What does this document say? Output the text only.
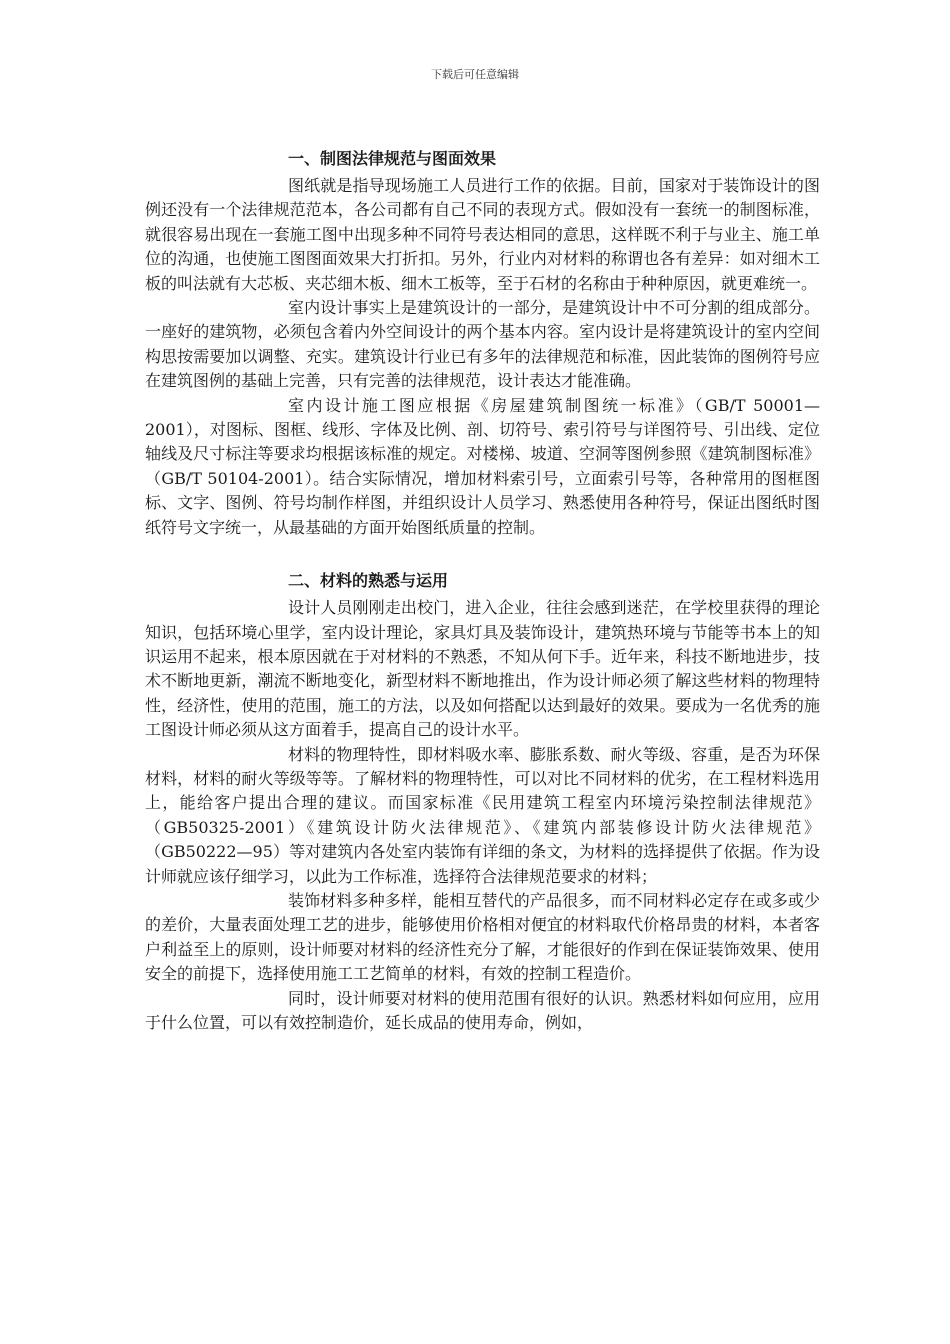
下载后可任意编辑
一、制图法律规范与图面效果

图纸就是指导现场施工人员进行工作的依据。目前，国家对于装饰设计的图例还没有一个法律规范范本，各公司都有自己不同的表现方式。假如没有一套统一的制图标准，就很容易出现在一套施工图中出现多种不同符号表达相同的意思，这样既不利于与业主、施工单位的沟通，也使施工图图面效果大打折扣。另外，行业内对材料的称谓也各有差异：如对细木工板的叫法就有大芯板、夹芯细木板、细木工板等，至于石材的名称由于种种原因，就更难统一。

室内设计事实上是建筑设计的一部分，是建筑设计中不可分割的组成部分。一座好的建筑物，必须包含着内外空间设计的两个基本内容。室内设计是将建筑设计的室内空间构思按需要加以调整、充实。建筑设计行业已有多年的法律规范和标准，因此装饰的图例符号应在建筑图例的基础上完善，只有完善的法律规范，设计表达才能准确。

室内设计施工图应根据《房屋建筑制图统一标准》（GB/T 50001—2001），对图标、图框、线形、字体及比例、剖、切符号、索引符号与详图符号、引出线、定位轴线及尺寸标注等要求均根据该标准的规定。对楼梯、坡道、空洞等图例参照《建筑制图标准》（GB/T 50104-2001）。结合实际情况，增加材料索引号，立面索引号等，各种常用的图框图标、文字、图例、符号均制作样图，并组织设计人员学习、熟悉使用各种符号，保证出图纸时图纸符号文字统一，从最基础的方面开始图纸质量的控制。

二、材料的熟悉与运用

设计人员刚刚走出校门，进入企业，往往会感到迷茫，在学校里获得的理论知识，包括环境心里学，室内设计理论，家具灯具及装饰设计，建筑热环境与节能等书本上的知识运用不起来，根本原因就在于对材料的不熟悉，不知从何下手。近年来，科技不断地进步，技术不断地更新，潮流不断地变化，新型材料不断地推出，作为设计师必须了解这些材料的物理特性，经济性，使用的范围，施工的方法，以及如何搭配以达到最好的效果。要成为一名优秀的施工图设计师必须从这方面着手，提高自己的设计水平。

材料的物理特性，即材料吸水率、膨胀系数、耐火等级、容重，是否为环保材料，材料的耐火等级等等。了解材料的物理特性，可以对比不同材料的优劣，在工程材料选用上，能给客户提出合理的建议。而国家标准《民用建筑工程室内环境污染控制法律规范》（GB50325-2001）《建筑设计防火法律规范》、《建筑内部装修设计防火法律规范》（GB50222—95）等对建筑内各处室内装饰有详细的条文，为材料的选择提供了依据。作为设计师就应该仔细学习，以此为工作标准，选择符合法律规范要求的材料；

装饰材料多种多样，能相互替代的产品很多，而不同材料必定存在或多或少的差价，大量表面处理工艺的进步，能够使用价格相对便宜的材料取代价格昂贵的材料，本者客户利益至上的原则，设计师要对材料的经济性充分了解，才能很好的作到在保证装饰效果、使用安全的前提下，选择使用施工工艺简单的材料，有效的控制工程造价。

同时，设计师要对材料的使用范围有很好的认识。熟悉材料如何应用，应用于什么位置，可以有效控制造价，延长成品的使用寿命，例如，
